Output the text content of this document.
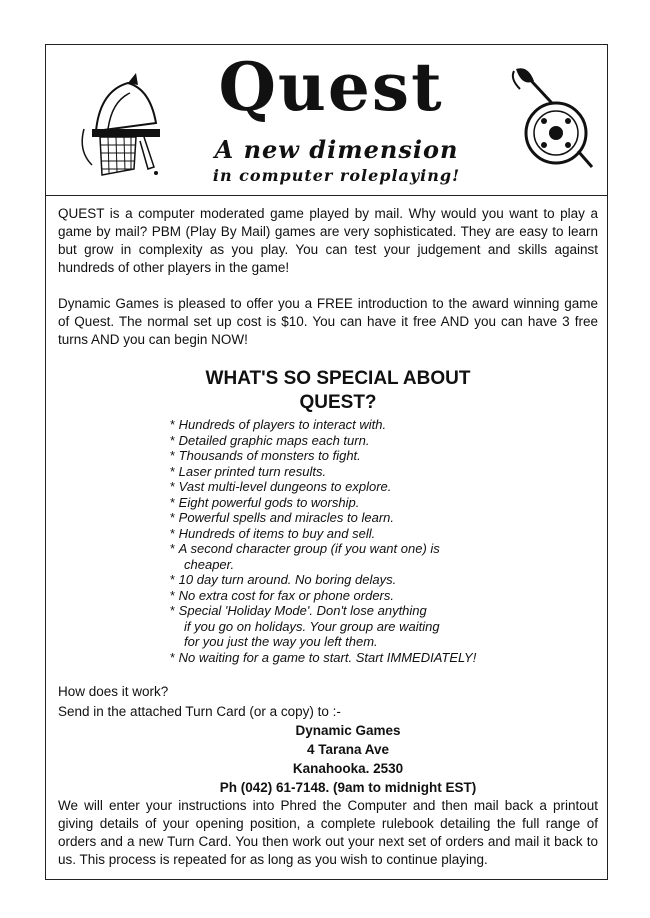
Quest
A new dimension
in computer roleplaying!

QUEST is a computer moderated game played by mail. Why would you want to play a game by mail? PBM (Play By Mail) games are very sophisticated. They are easy to learn but grow in complexity as you play. You can test your judgement and skills against hundreds of other players in the game!

Dynamic Games is pleased to offer you a FREE introduction to the award winning game of Quest. The normal set up cost is $10. You can have it free AND you can have 3 free turns AND you can begin NOW!

WHAT'S SO SPECIAL ABOUT
QUEST?
* Hundreds of players to interact with.
* Detailed graphic maps each turn.
* Thousands of monsters to fight.
* Laser printed turn results.
* Vast multi-level dungeons to explore.
* Eight powerful gods to worship.
* Powerful spells and miracles to learn.
* Hundreds of items to buy and sell.
* A second character group (if you want one) is
cheaper.
* 10 day turn around. No boring delays.
* No extra cost for fax or phone orders.
* Special 'Holiday Mode'. Don't lose anything
if you go on holidays. Your group are waiting
for you just the way you left them.
* No waiting for a game to start. Start IMMEDIATELY!

How does it work?

Send in the attached Turn Card (or a copy) to :-

Dynamic Games

4 Tarana Ave

Kanahooka. 2530

Ph (042) 61-7148. (9am to midnight EST)

We will enter your instructions into Phred the Computer and then mail back a printout giving details of your opening position, a complete rulebook detailing the full range of orders and a new Turn Card. You then work out your next set of orders and mail it back to us. This process is repeated for as long as you wish to continue playing.
